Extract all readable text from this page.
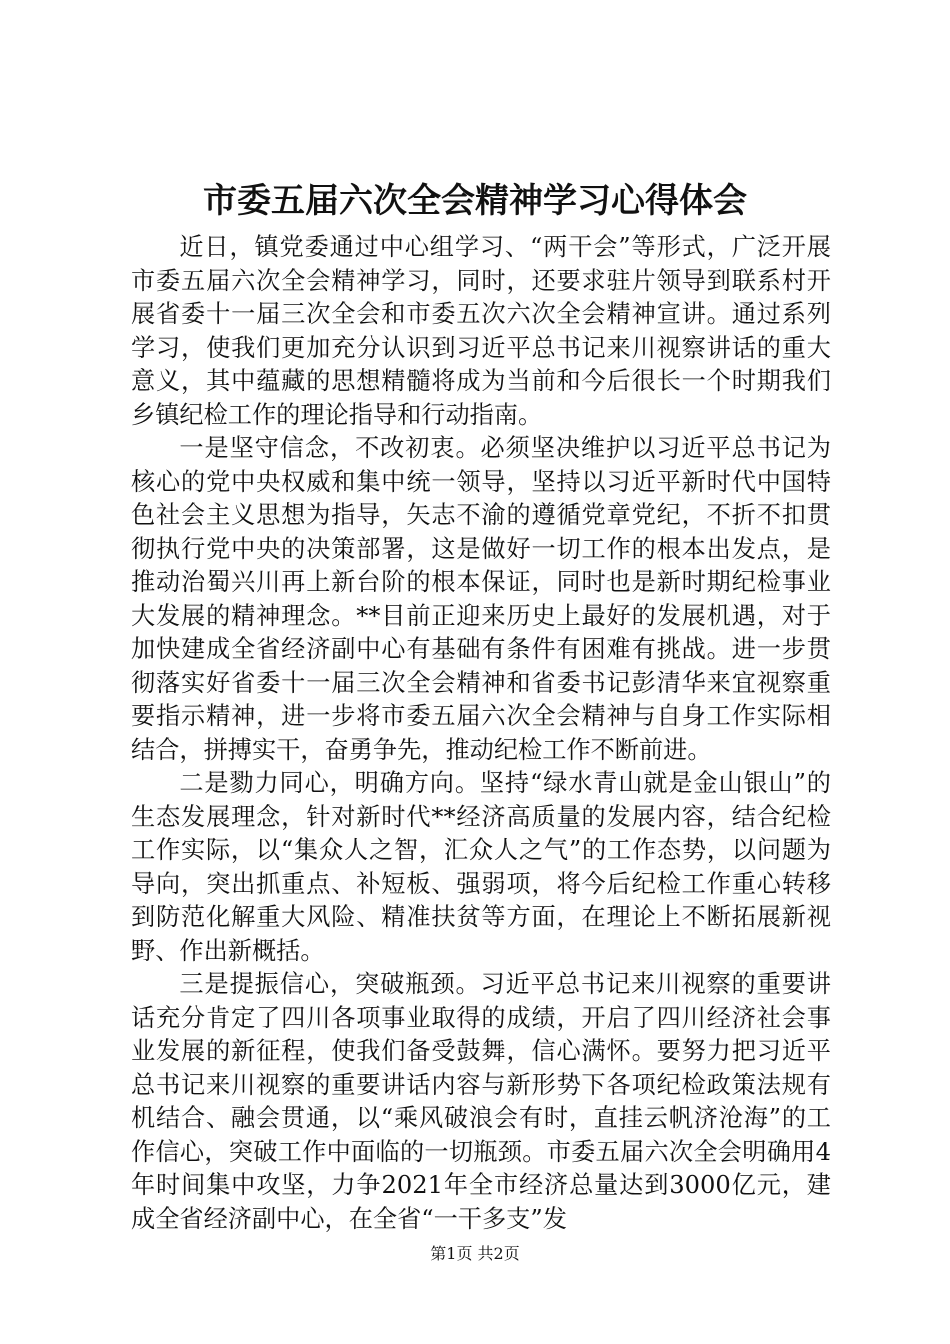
市委五届六次全会精神学习心得体会

近日，镇党委通过中心组学习、“两干会”等形式，广泛开展市委五届六次全会精神学习，同时，还要求驻片领导到联系村开展省委十一届三次全会和市委五次六次全会精神宣讲。通过系列学习，使我们更加充分认识到习近平总书记来川视察讲话的重大意义，其中蕴藏的思想精髓将成为当前和今后很长一个时期我们乡镇纪检工作的理论指导和行动指南。

一是坚守信念，不改初衷。必须坚决维护以习近平总书记为核心的党中央权威和集中统一领导，坚持以习近平新时代中国特色社会主义思想为指导，矢志不渝的遵循党章党纪，不折不扣贯彻执行党中央的决策部署，这是做好一切工作的根本出发点，是推动治蜀兴川再上新台阶的根本保证，同时也是新时期纪检事业大发展的精神理念。**目前正迎来历史上最好的发展机遇，对于加快建成全省经济副中心有基础有条件有困难有挑战。进一步贯彻落实好省委十一届三次全会精神和省委书记彭清华来宜视察重要指示精神，进一步将市委五届六次全会精神与自身工作实际相结合，拼搏实干，奋勇争先，推动纪检工作不断前进。

二是勠力同心，明确方向。坚持“绿水青山就是金山银山”的生态发展理念，针对新时代**经济高质量的发展内容，结合纪检工作实际，以“集众人之智，汇众人之气”的工作态势，以问题为导向，突出抓重点、补短板、强弱项，将今后纪检工作重心转移到防范化解重大风险、精准扶贫等方面，在理论上不断拓展新视野、作出新概括。

三是提振信心，突破瓶颈。习近平总书记来川视察的重要讲话充分肯定了四川各项事业取得的成绩，开启了四川经济社会事业发展的新征程，使我们备受鼓舞，信心满怀。要努力把习近平总书记来川视察的重要讲话内容与新形势下各项纪检政策法规有机结合、融会贯通，以“乘风破浪会有时，直挂云帆济沧海”的工作信心，突破工作中面临的一切瓶颈。市委五届六次全会明确用4年时间集中攻坚，力争2021年全市经济总量达到3000亿元，建成全省经济副中心，在全省“一干多支”发

第1页 共2页
